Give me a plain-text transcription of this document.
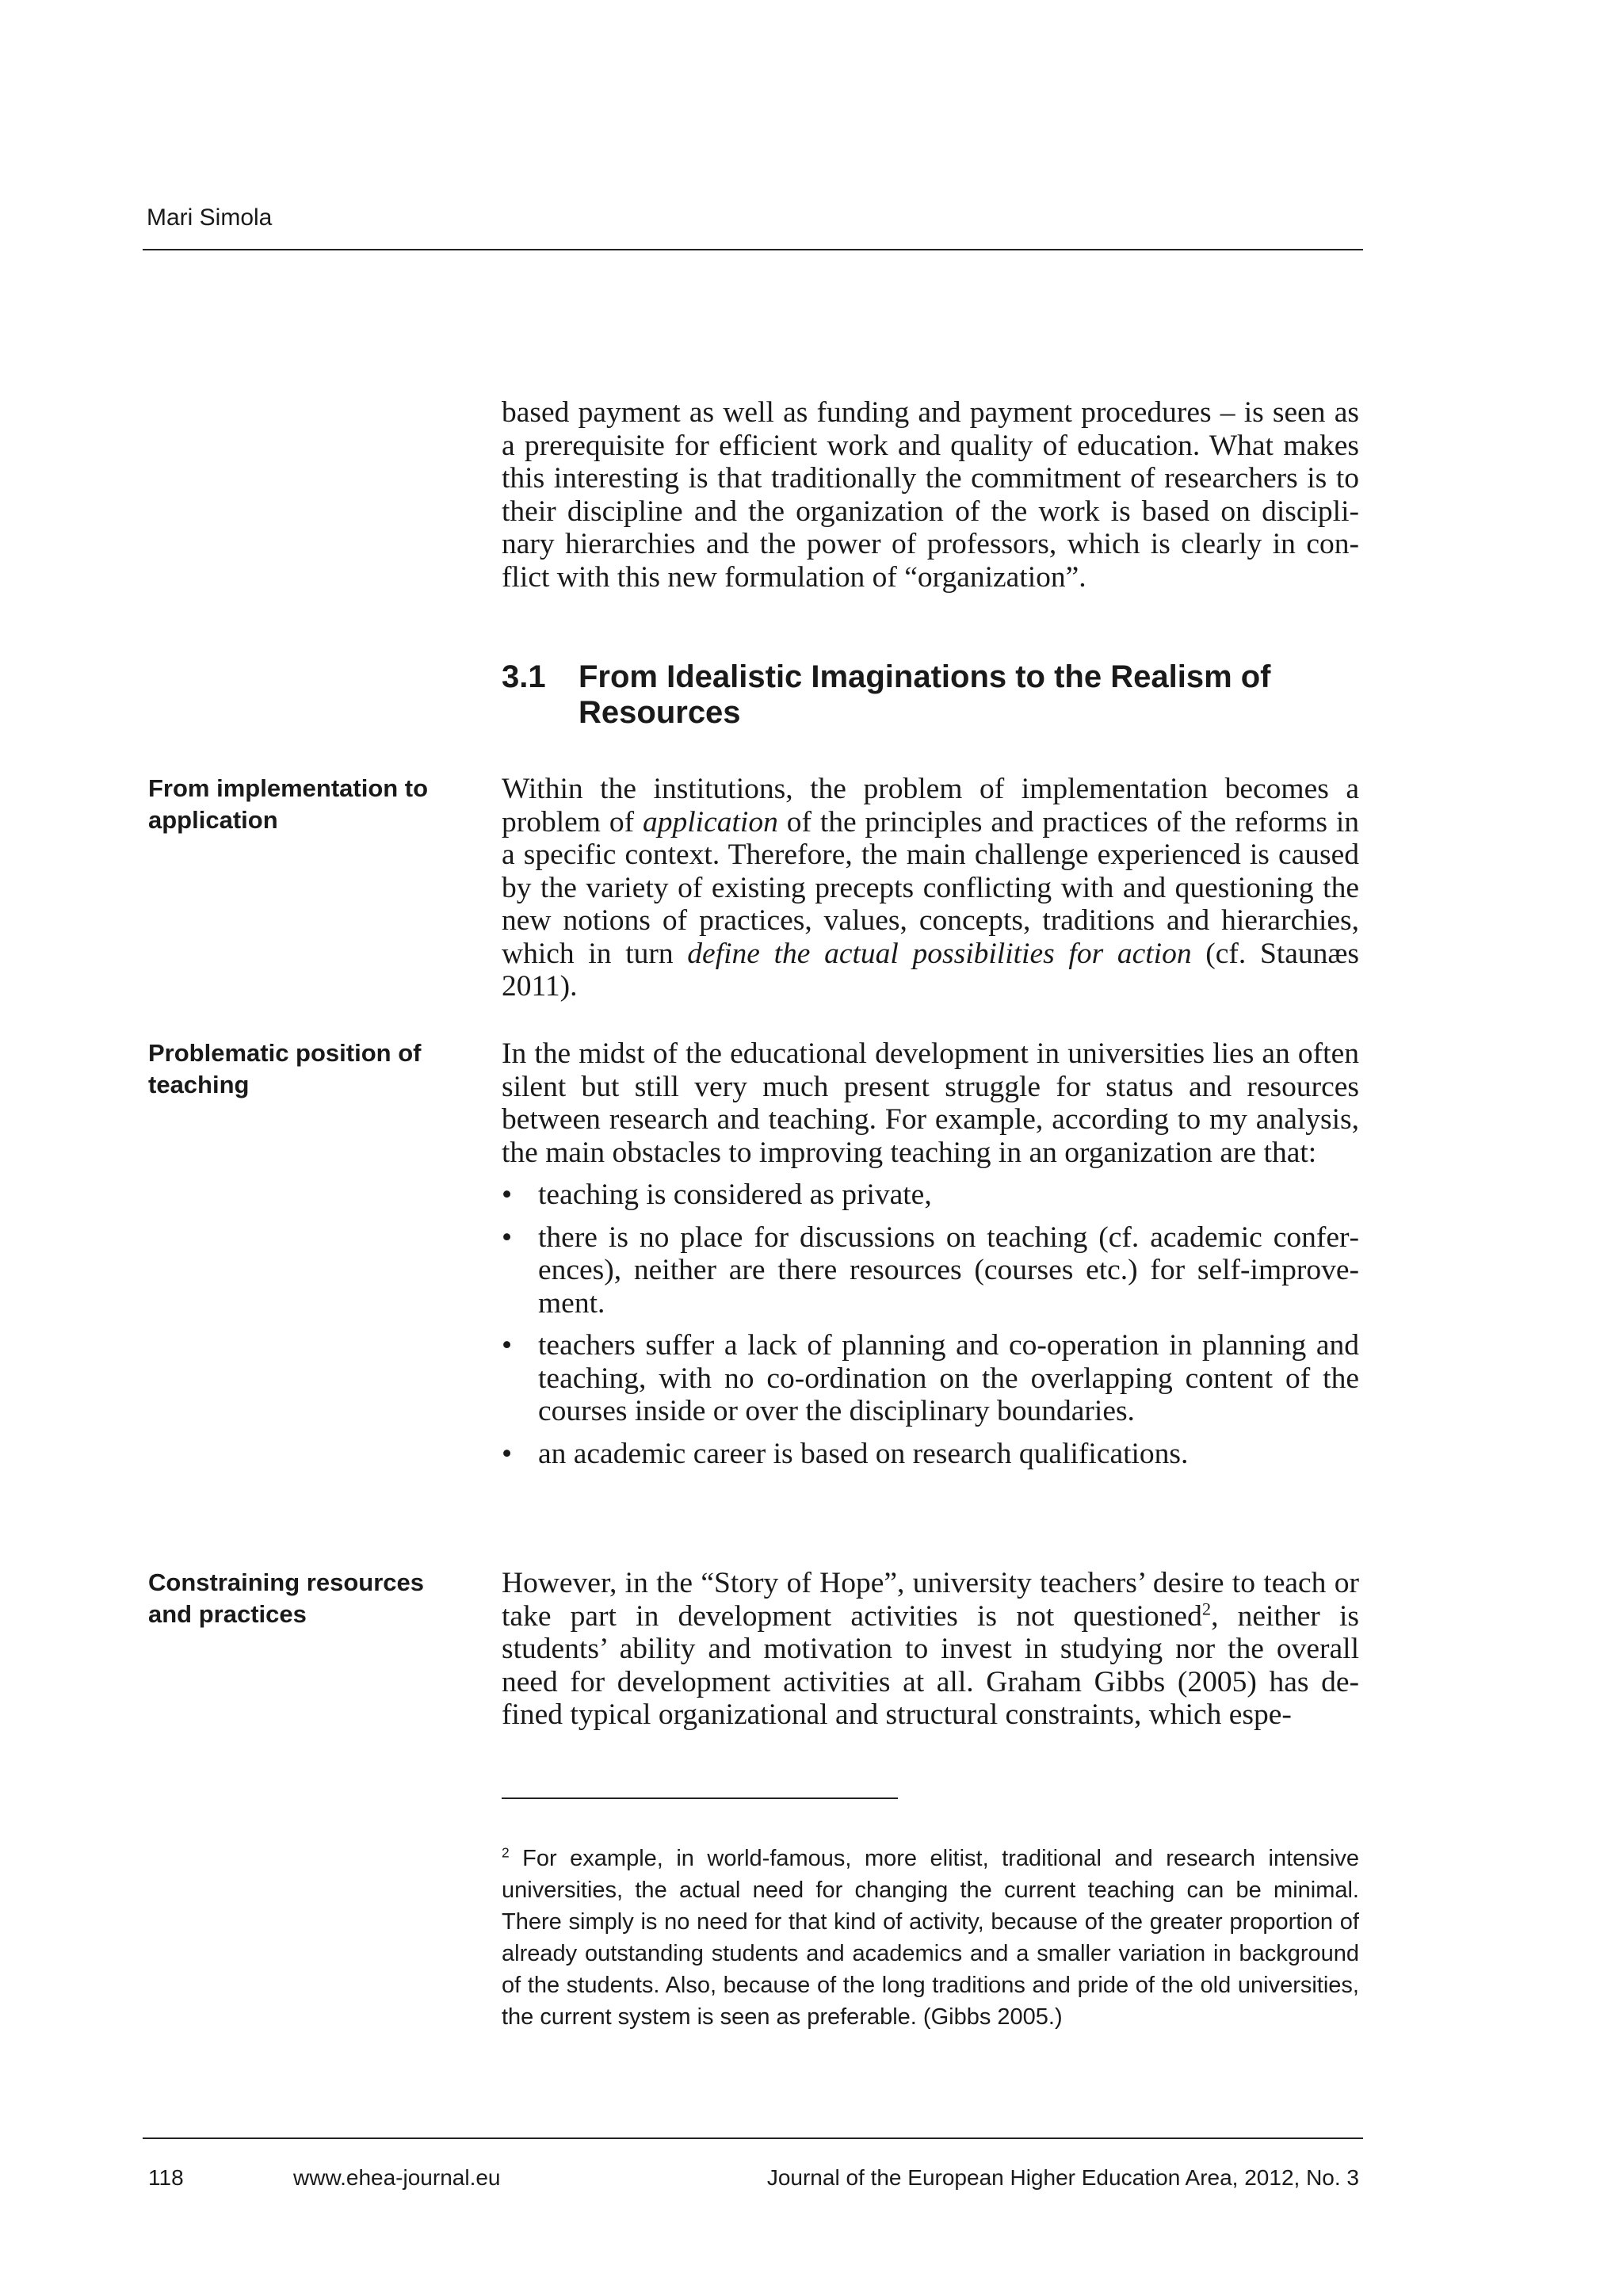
Mari Simola

based payment as well as funding and payment procedures – is seen as a prerequisite for efficient work and quality of education. What makes this interesting is that traditionally the commitment of researchers is to their discipline and the organization of the work is based on disciplinary hierarchies and the power of professors, which is clearly in conflict with this new formulation of “organization”.

3.1 From Idealistic Imaginations to the Realism of Resources
From implementation to application

Within the institutions, the problem of implementation becomes a problem of application of the principles and practices of the reforms in a specific context. Therefore, the main challenge experienced is caused by the variety of existing precepts conflicting with and questioning the new notions of practices, values, concepts, traditions and hierarchies, which in turn define the actual possibilities for action (cf. Staunæs 2011).

Problematic position of teaching

In the midst of the educational development in universities lies an often silent but still very much present struggle for status and resources between research and teaching. For example, according to my analysis, the main obstacles to improving teaching in an organization are that:

• teaching is considered as private,
• there is no place for discussions on teaching (cf. academic conferences), neither are there resources (courses etc.) for self-improvement.
• teachers suffer a lack of planning and co-operation in planning and teaching, with no co-ordination on the overlapping content of the courses inside or over the disciplinary boundaries.
• an academic career is based on research qualifications.
Constraining resources and practices

However, in the “Story of Hope”, university teachers’ desire to teach or take part in development activities is not questioned$^2$, neither is students’ ability and motivation to invest in studying nor the overall need for development activities at all. Graham Gibbs (2005) has defined typical organizational and structural constraints, which espe-

$^2$ For example, in world-famous, more elitist, traditional and research intensive universities, the actual need for changing the current teaching can be minimal. There simply is no need for that kind of activity, because of the greater proportion of already outstanding students and academics and a smaller variation in background of the students. Also, because of the long traditions and pride of the old universities, the current system is seen as preferable. (Gibbs 2005.)
118	www.ehea-journal.eu	Journal of the European Higher Education Area, 2012, No. 3
